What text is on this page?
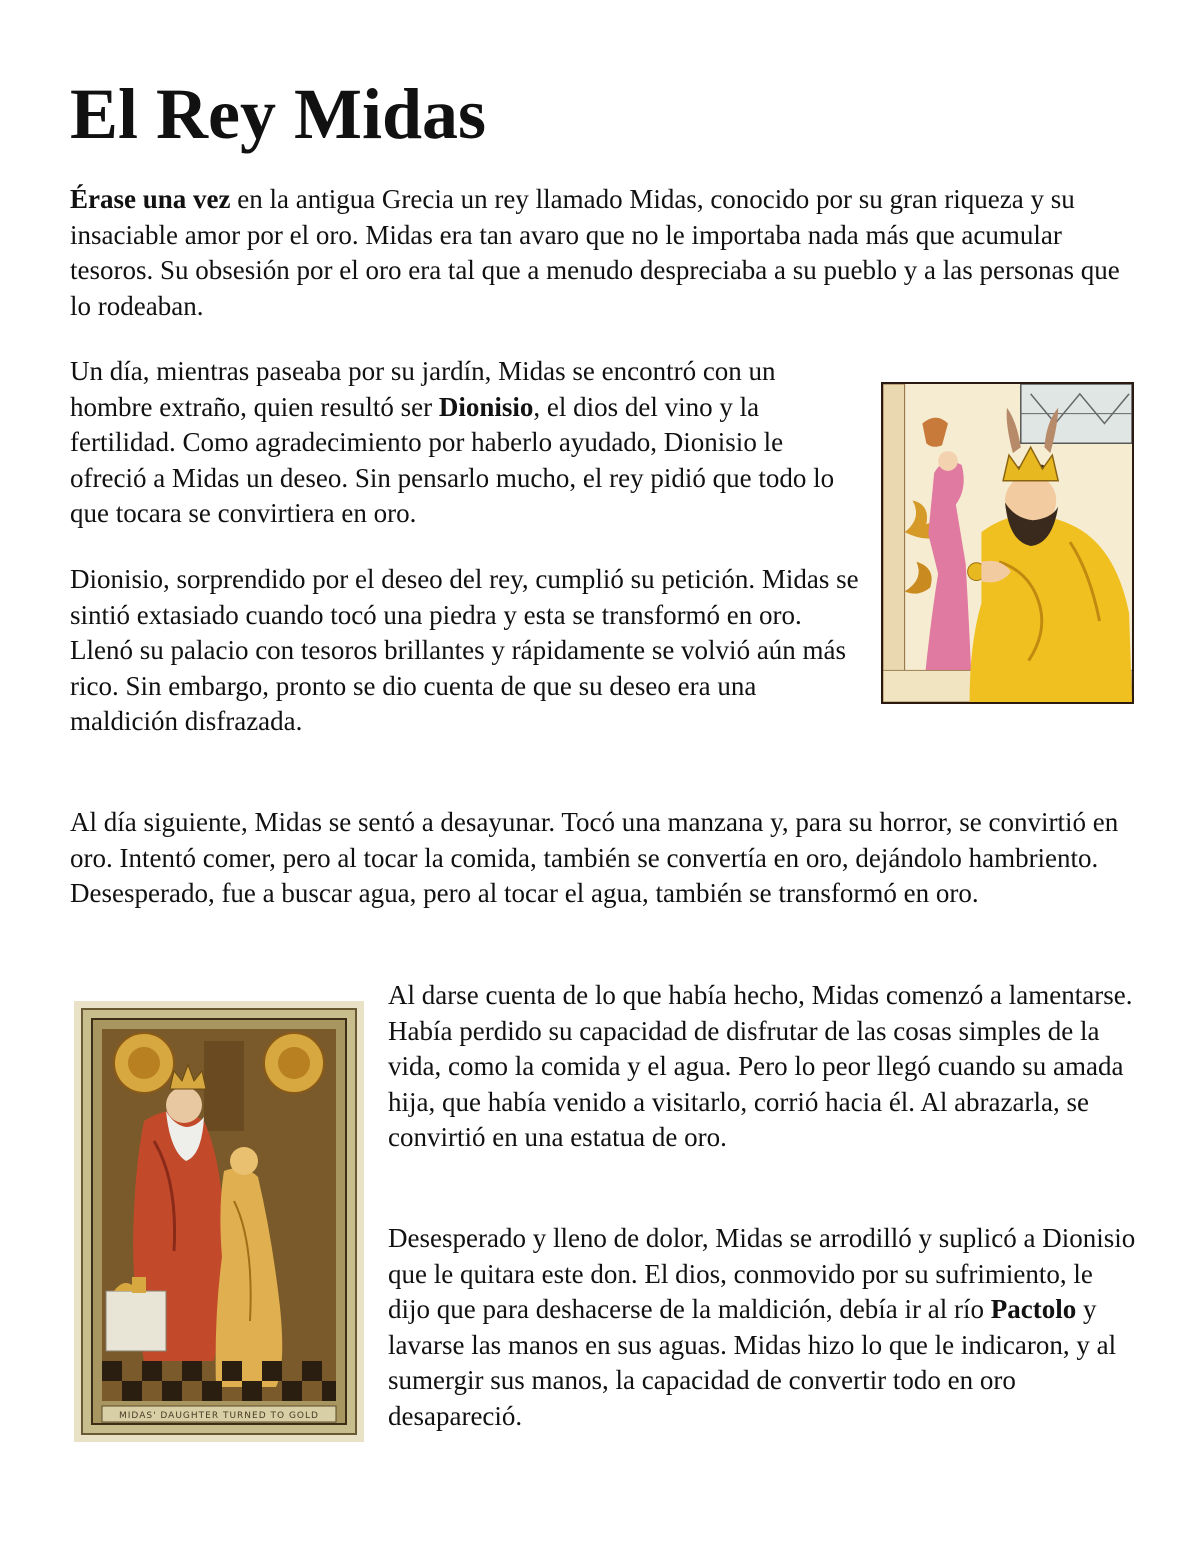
El Rey Midas

Érase una vez en la antigua Grecia un rey llamado Midas, conocido por su gran riqueza y su insaciable amor por el oro. Midas era tan avaro que no le importaba nada más que acumular tesoros. Su obsesión por el oro era tal que a menudo despreciaba a su pueblo y a las personas que lo rodeaban.

Un día, mientras paseaba por su jardín, Midas se encontró con un hombre extraño, quien resultó ser Dionisio, el dios del vino y la fertilidad. Como agradecimiento por haberlo ayudado, Dionisio le ofreció a Midas un deseo. Sin pensarlo mucho, el rey pidió que todo lo que tocara se convirtiera en oro.

Dionisio, sorprendido por el deseo del rey, cumplió su petición. Midas se sintió extasiado cuando tocó una piedra y esta se transformó en oro. Llenó su palacio con tesoros brillantes y rápidamente se volvió aún más rico. Sin embargo, pronto se dio cuenta de que su deseo era una maldición disfrazada.

Al día siguiente, Midas se sentó a desayunar. Tocó una manzana y, para su horror, se convirtió en oro. Intentó comer, pero al tocar la comida, también se convertía en oro, dejándolo hambriento. Desesperado, fue a buscar agua, pero al tocar el agua, también se transformó en oro.

Al darse cuenta de lo que había hecho, Midas comenzó a lamentarse. Había perdido su capacidad de disfrutar de las cosas simples de la vida, como la comida y el agua. Pero lo peor llegó cuando su amada hija, que había venido a visitarlo, corrió hacia él. Al abrazarla, se convirtió en una estatua de oro.

Desesperado y lleno de dolor, Midas se arrodilló y suplicó a Dionisio que le quitara este don. El dios, conmovido por su sufrimiento, le dijo que para deshacerse de la maldición, debía ir al río Pactolo y lavarse las manos en sus aguas. Midas hizo lo que le indicaron, y al sumergir sus manos, la capacidad de convertir todo en oro desapareció.

MIDAS' DAUGHTER TURNED TO GOLD
